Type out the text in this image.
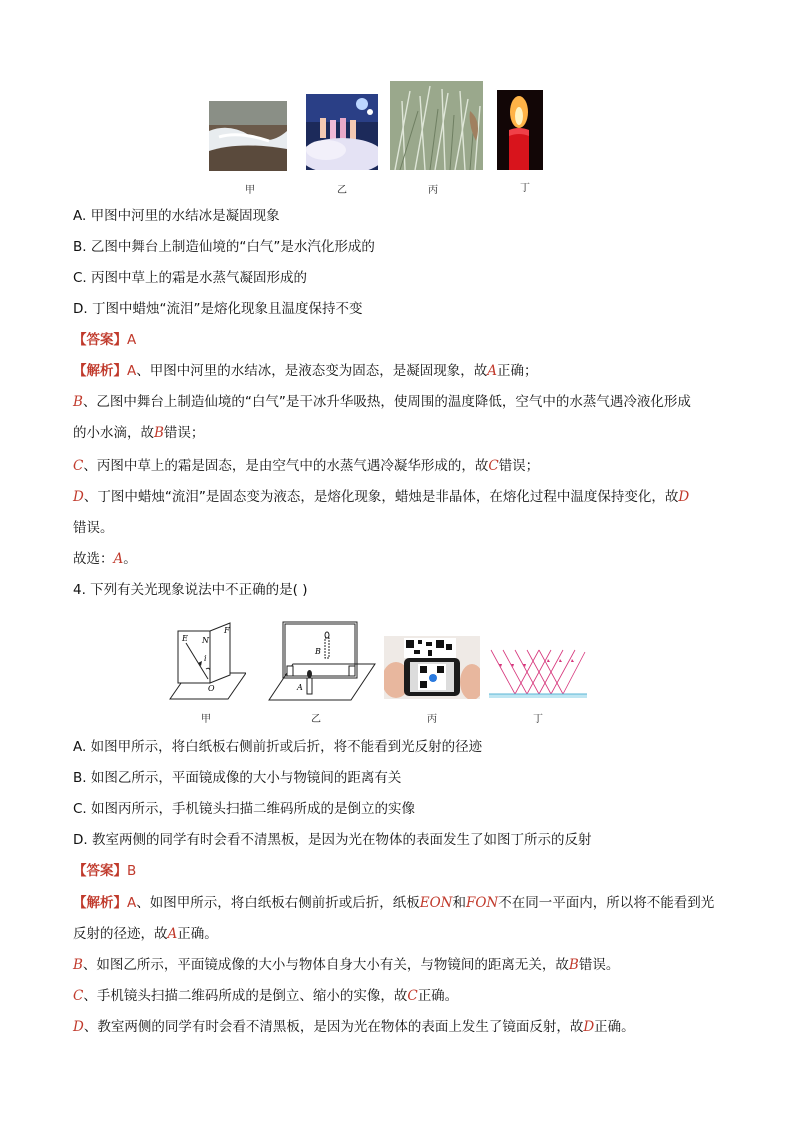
甲	乙	丙	丁
A. 甲图中河里的水结冰是凝固现象
B. 乙图中舞台上制造仙境的“白气”是水汽化形成的
C. 丙图中草上的霜是水蒸气凝固形成的
D. 丁图中蜡烛“流泪”是熔化现象且温度保持不变
【答案】A
【解析】A、甲图中河里的水结冰，是液态变为固态，是凝固现象，故A正确；
B、乙图中舞台上制造仙境的“白气”是干冰升华吸热，使周围的温度降低，空气中的水蒸气遇冷液化形成
的小水滴，故B错误；
C、丙图中草上的霜是固态，是由空气中的水蒸气遇冷凝华形成的，故C错误；
D、丁图中蜡烛“流泪”是固态变为液态，是熔化现象，蜡烛是非晶体，在熔化过程中温度保持变化，故D
错误。
故选：A。
4. 下列有关光现象说法中不正确的是( )
E N
F
i
O
B
A
甲	乙	丙	丁
A. 如图甲所示，将白纸板右侧前折或后折，将不能看到光反射的径迹
B. 如图乙所示，平面镜成像的大小与物镜间的距离有关
C. 如图丙所示，手机镜头扫描二维码所成的是倒立的实像
D. 教室两侧的同学有时会看不清黑板，是因为光在物体的表面发生了如图丁所示的反射
【答案】B
【解析】A、如图甲所示，将白纸板右侧前折或后折，纸板EON和FON不在同一平面内，所以将不能看到光
反射的径迹，故A正确。
B、如图乙所示，平面镜成像的大小与物体自身大小有关，与物镜间的距离无关，故B错误。
C、手机镜头扫描二维码所成的是倒立、缩小的实像，故C正确。
D、教室两侧的同学有时会看不清黑板，是因为光在物体的表面上发生了镜面反射，故D正确。
